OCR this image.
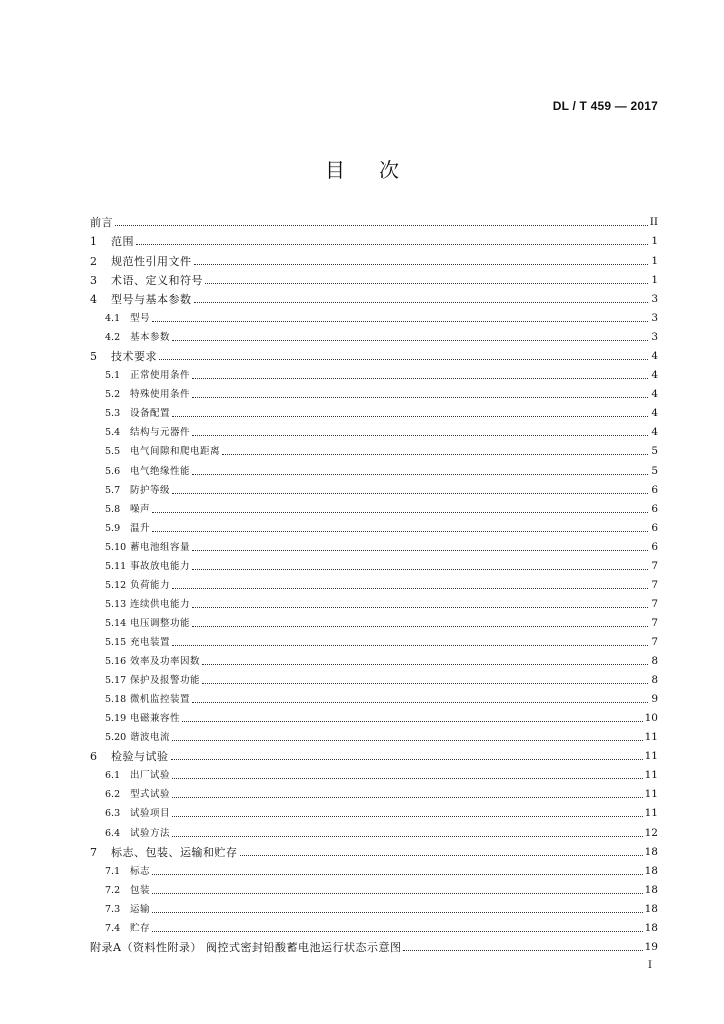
DL / T 459 — 2017
目次
前言	II
1	范围	1
2	规范性引用文件	1
3	术语、定义和符号	1
4	型号与基本参数	3
4.1	型号	3
4.2	基本参数	3
5	技术要求	4
5.1	正常使用条件	4
5.2	特殊使用条件	4
5.3	设备配置	4
5.4	结构与元器件	4
5.5	电气间隙和爬电距离	5
5.6	电气绝缘性能	5
5.7	防护等级	6
5.8	噪声	6
5.9	温升	6
5.10 蓄电池组容量	6
5.11 事故放电能力	7
5.12 负荷能力	7
5.13 连续供电能力	7
5.14 电压调整功能	7
5.15 充电装置	7
5.16 效率及功率因数	8
5.17 保护及报警功能	8
5.18 微机监控装置	9
5.19 电磁兼容性	10
5.20 谐波电流	11
6	检验与试验	11
6.1	出厂试验	11
6.2	型式试验	11
6.3	试验项目	11
6.4	试验方法	12
7	标志、包装、运输和贮存	18
7.1	标志	18
7.2	包装	18
7.3	运输	18
7.4	贮存	18
附录A（资料性附录） 阀控式密封铅酸蓄电池运行状态示意图	19
I
